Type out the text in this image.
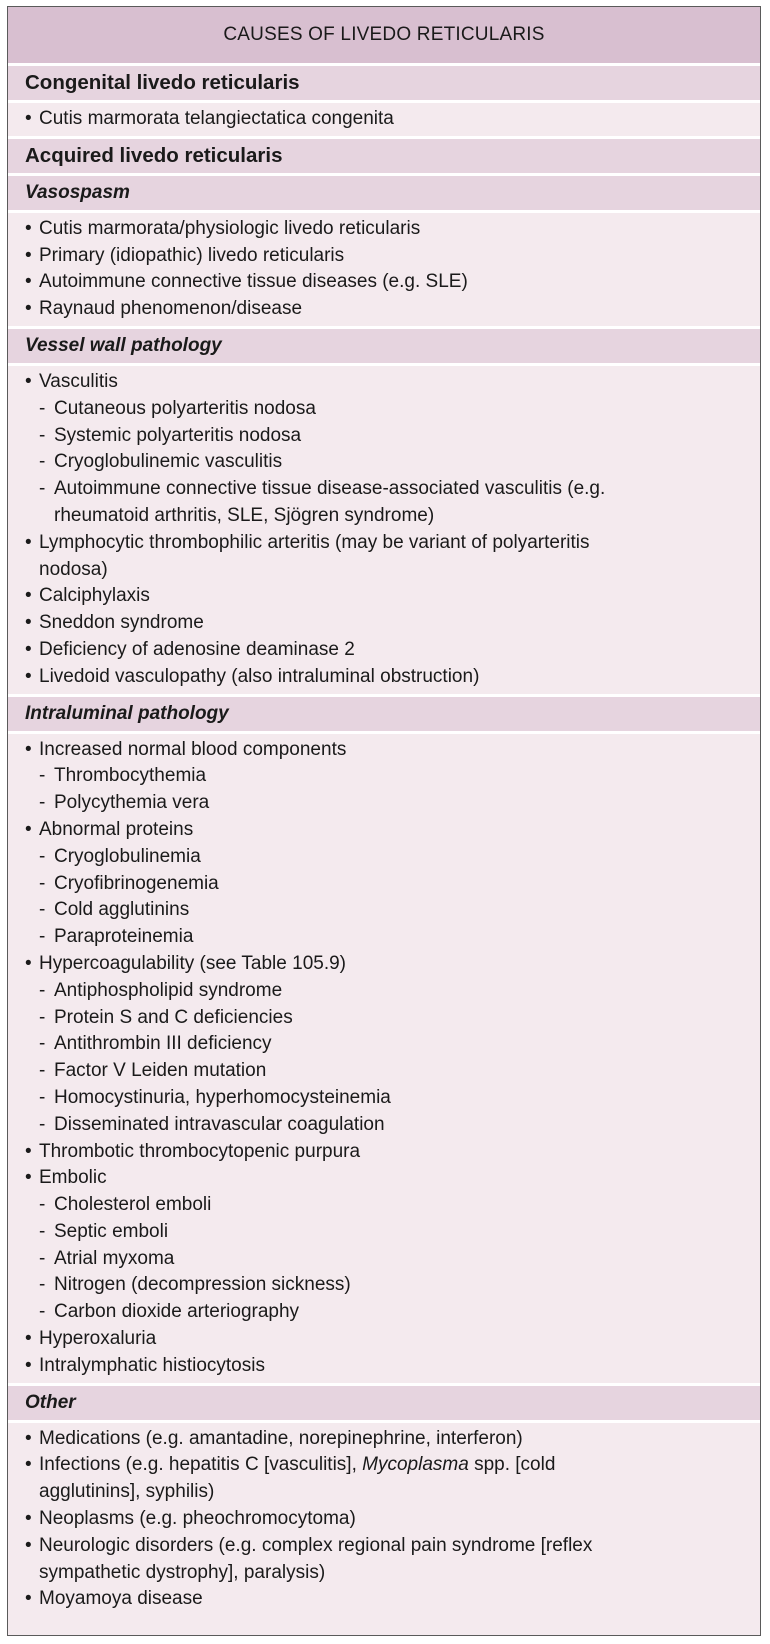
CAUSES OF LIVEDO RETICULARIS
Congenital livedo reticularis
• Cutis marmorata telangiectatica congenita
Acquired livedo reticularis
Vasospasm
• Cutis marmorata/physiologic livedo reticularis
• Primary (idiopathic) livedo reticularis
• Autoimmune connective tissue diseases (e.g. SLE)
• Raynaud phenomenon/disease
Vessel wall pathology
• Vasculitis
- Cutaneous polyarteritis nodosa
- Systemic polyarteritis nodosa
- Cryoglobulinemic vasculitis
- Autoimmune connective tissue disease-associated vasculitis (e.g.
rheumatoid arthritis, SLE, Sjögren syndrome)
• Lymphocytic thrombophilic arteritis (may be variant of polyarteritis
nodosa)
• Calciphylaxis
• Sneddon syndrome
• Deficiency of adenosine deaminase 2
• Livedoid vasculopathy (also intraluminal obstruction)
Intraluminal pathology
• Increased normal blood components
- Thrombocythemia
- Polycythemia vera
• Abnormal proteins
- Cryoglobulinemia
- Cryofibrinogenemia
- Cold agglutinins
- Paraproteinemia
• Hypercoagulability (see Table 105.9)
- Antiphospholipid syndrome
- Protein S and C deficiencies
- Antithrombin III deficiency
- Factor V Leiden mutation
- Homocystinuria, hyperhomocysteinemia
- Disseminated intravascular coagulation
• Thrombotic thrombocytopenic purpura
• Embolic
- Cholesterol emboli
- Septic emboli
- Atrial myxoma
- Nitrogen (decompression sickness)
- Carbon dioxide arteriography
• Hyperoxaluria
• Intralymphatic histiocytosis
Other
• Medications (e.g. amantadine, norepinephrine, interferon)
• Infections (e.g. hepatitis C [vasculitis], Mycoplasma spp. [cold
agglutinins], syphilis)
• Neoplasms (e.g. pheochromocytoma)
• Neurologic disorders (e.g. complex regional pain syndrome [reflex
sympathetic dystrophy], paralysis)
• Moyamoya disease
